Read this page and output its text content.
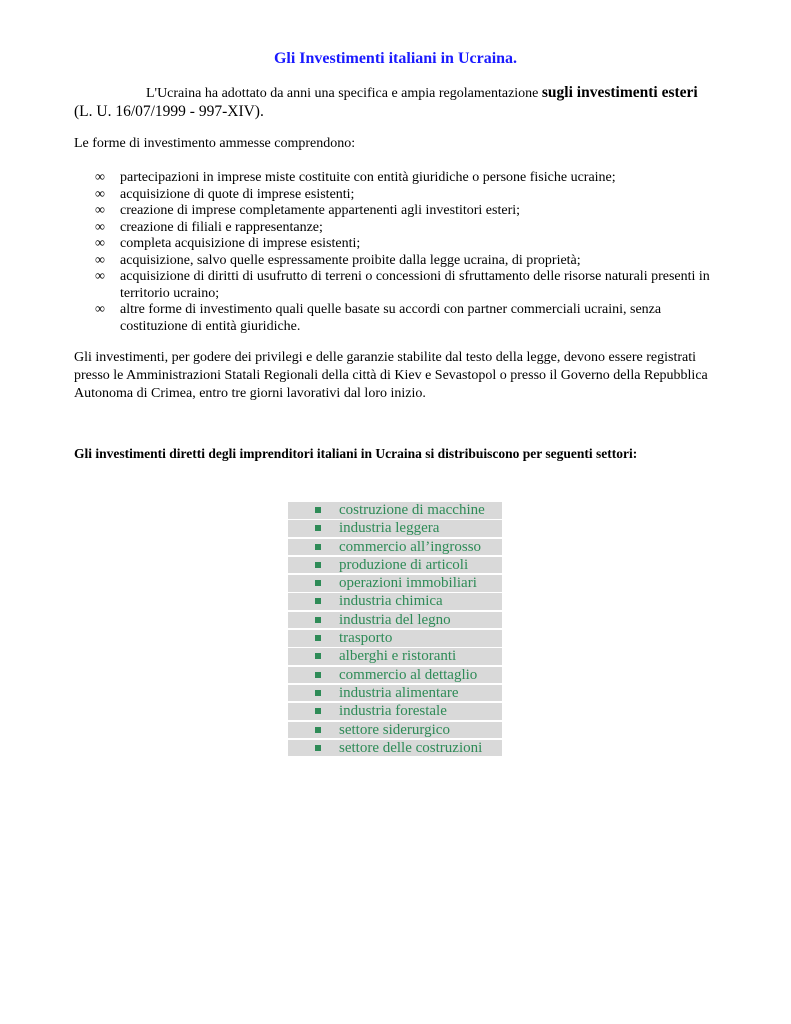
Gli Investimenti italiani in Ucraina.

L'Ucraina ha adottato da anni una specifica e ampia regolamentazione sugli investimenti esteri
(L. U. 16/07/1999 - 997-XIV).

Le forme di investimento ammesse comprendono:

∞ partecipazioni in imprese miste costituite con entità giuridiche o persone fisiche ucraine;
∞ acquisizione di quote di imprese esistenti;
∞ creazione di imprese completamente appartenenti agli investitori esteri;
∞ creazione di filiali e rappresentanze;
∞ completa acquisizione di imprese esistenti;
∞ acquisizione, salvo quelle espressamente proibite dalla legge ucraina, di proprietà;
∞ acquisizione di diritti di usufrutto di terreni o concessioni di sfruttamento delle risorse naturali presenti in territorio ucraino;
∞ altre forme di investimento quali quelle basate su accordi con partner commerciali ucraini, senza costituzione di entità giuridiche.

Gli investimenti, per godere dei privilegi e delle garanzie stabilite dal testo della legge, devono essere registrati presso le Amministrazioni Statali Regionali della città di Kiev e Sevastopol o presso il Governo della Repubblica Autonoma di Crimea, entro tre giorni lavorativi dal loro inizio.

Gli investimenti diretti degli imprenditori italiani in Ucraina si distribuiscono per seguenti settori:

costruzione di macchine
industria leggera
commercio all’ingrosso
produzione di articoli
operazioni immobiliari
industria chimica
industria del legno
trasporto
alberghi e ristoranti
commercio al dettaglio
industria alimentare
industria forestale
settore siderurgico
settore delle costruzioni
